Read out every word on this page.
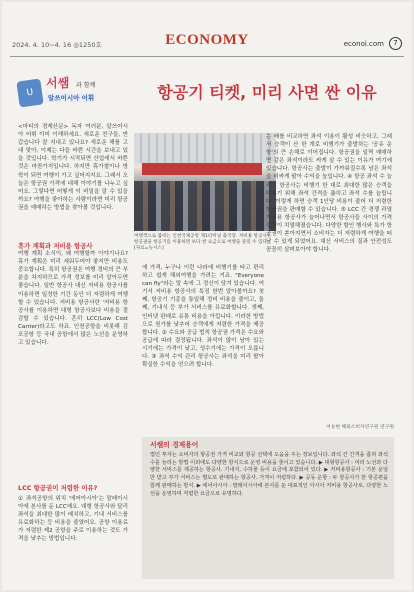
2024. 4. 10~4. 16 ◎1250호	ECONOMY	econoi.com	7
U
서쌤 과 함께
알쓰어시아 어휘	항공기 티켓, 미리 사면 싼 이유
여행객으로 붐비는 인천국제공항 제1터미널 출국장. 저비용 항공사는 항공권을 항공기를 이용하면 보다 싼 요금으로 여행을 즐길 수 있다. [자료=뉴시스]
<마티의 경제산문> 독자 여러분, 알쓰어시아 어휘 이미 이해하세요. 새로운 친구들, 반갑습니다 잘 지내고 있나요? 새로운 해를 고대 맞아, 이제는 다들 바쁜 시간을 보내고 있을 것입니다. 학기가 시작되면 산업에서 바쁜 것은 마찬가지입니다. 하지만 휴가철이나 방학이 되면 여행이 가고 싶어지지요. 그래서 오늘은 항공권 가격에 대해 이야기를 나누고 싶어요. 그렇다면 어떻게 이 비밀을 알 수 있을까요? 여행을 좋아하는 사람이라면 미리 항공권을 예매하는 방법을 찾아볼 것입니다.
휴가 계획과 저비용 항공사
여행 계획 소식이, 왜 여행할까 이야기나요? 휴가 계획은 미리 세워두어야 좋지만 비용도 중요합니다. 특히 항공권은 여행 경비의 큰 부분을 차지하므로 가격 정보를 미리 알아두면 좋습니다. 일반 항공사 대신 저비용 항공사를 이용하면 일정한 기간 동안 더 저렴하게 여행할 수 있습니다. 저비용 항공사란 '저비용 항공사를 이용하면 대형 항공사보다 비용을 절감할 수 있습니다. 흔히 LCC(Low Cost Carrier)라고도 하죠. 인천공항을 비롯해 김포공항 등 국내 공항에서 많은 노선을 운영하고 있습니다.
LCC 항공권이 저렴한 이유?
① 좌석공항의 위치 '에어아시아'는 말레이시아에 본사를 둔 LCC예요. 대형 항공사와 달리 좌석을 최대한 많이 배치하고, 기내 서비스를 유료화하는 등 비용을 줄였어요. 공항 이용료가 저렴한 제2 공항을 주로 이용하는 것도 가격을 낮추는 방법입니다.
에 가격, 누구나 이런 나라에 비행기를 타고 편리하고 쉽게 해외여행을 가려는 거죠. "Everyone can fly"라는 말 속에 그 정신이 담겨 있습니다. 여기서 저비용 항공사의 특징 한번 알아볼까요? 첫째, 항공기 기종을 통일해 정비 비용을 줄이고, 둘째, 기내식 등 부가 서비스를 유료화합니다. 셋째, 인터넷 판매로 유통 비용을 아낍니다. 이러한 방법으로 원가를 낮추어 승객에게 저렴한 가격을 제공합니다. ② 수요와 공급 법칙 항공권 가격은 수요와 공급에 따라 결정됩니다. 좌석이 많이 남아 있는 시기에는 가격이 낮고, 성수기에는 가격이 오릅니다. ③ 좌석 수익 관리 항공사는 좌석을 미리 팔아 확실한 수익을 얻으려 합니다.
는 배를 비교하면 좌석 이용이 활성 비슷하고, 그래서 승객이 산 한 개로 비행기가 출발하는 '공유 운항'의 큰 손해로 이어집니다. 항공권을 일찍 예매하면 같은 좌석이라도 싸게 살 수 있는 이유가 여기에 있습니다. 항공사는 출발이 가까워질수록 남은 좌석을 비싸게 팔아 수익을 높입니다. ④ 항공 좌석 수 늘리기 항공사는 비행기 한 대로 최대한 많은 승객을 태우기 위해 좌석 간격을 좁히고 좌석 수를 늘립니다. 이렇게 하면 승객 1인당 비용이 줄어 더 저렴한 항공권을 판매할 수 있습니다. ⑤ LCC 간 경쟁 과열 저비용 항공사가 늘어나면서 항공사들 사이의 가격 경쟁이 치열해졌습니다. 다양한 할인 행사와 특가 항공권이 쏟아지면서 소비자는 더 저렴하게 여행을 떠날 수 있게 되었어요. 대신 서비스의 질과 안전성도 꼼꼼히 살펴보아야 합니다.
이승현 해외소비자연구원 연구원
서쌤의 경제용어
법인 투자는 소비자의 항공권 가격 비교와 항공 선택에 도움을 주는 정보입니다. 좌석 간 간격을 좁혀 좌석 수를 늘리는 방법 이외에도 다양한 방식으로 운영 비용을 줄이고 있습니다. ▶ 대형항공사 : 여러 노선과 다양한 서비스를 제공하는 항공사. 기내식, 수하물 등이 요금에 포함되어 있다. ▶ 저비용항공사 : 기본 운임만 받고 부가 서비스는 별도로 판매하는 항공사. 가격이 저렴하다. ▶ 공동 운항 : 두 항공사가 한 항공편을 함께 판매하는 방식. ▶ 에어아시아 : 말레이시아에 본사를 둔 대표적인 아시아 저비용 항공사로, 다양한 노선을 운영하며 저렴한 요금으로 유명하다.
